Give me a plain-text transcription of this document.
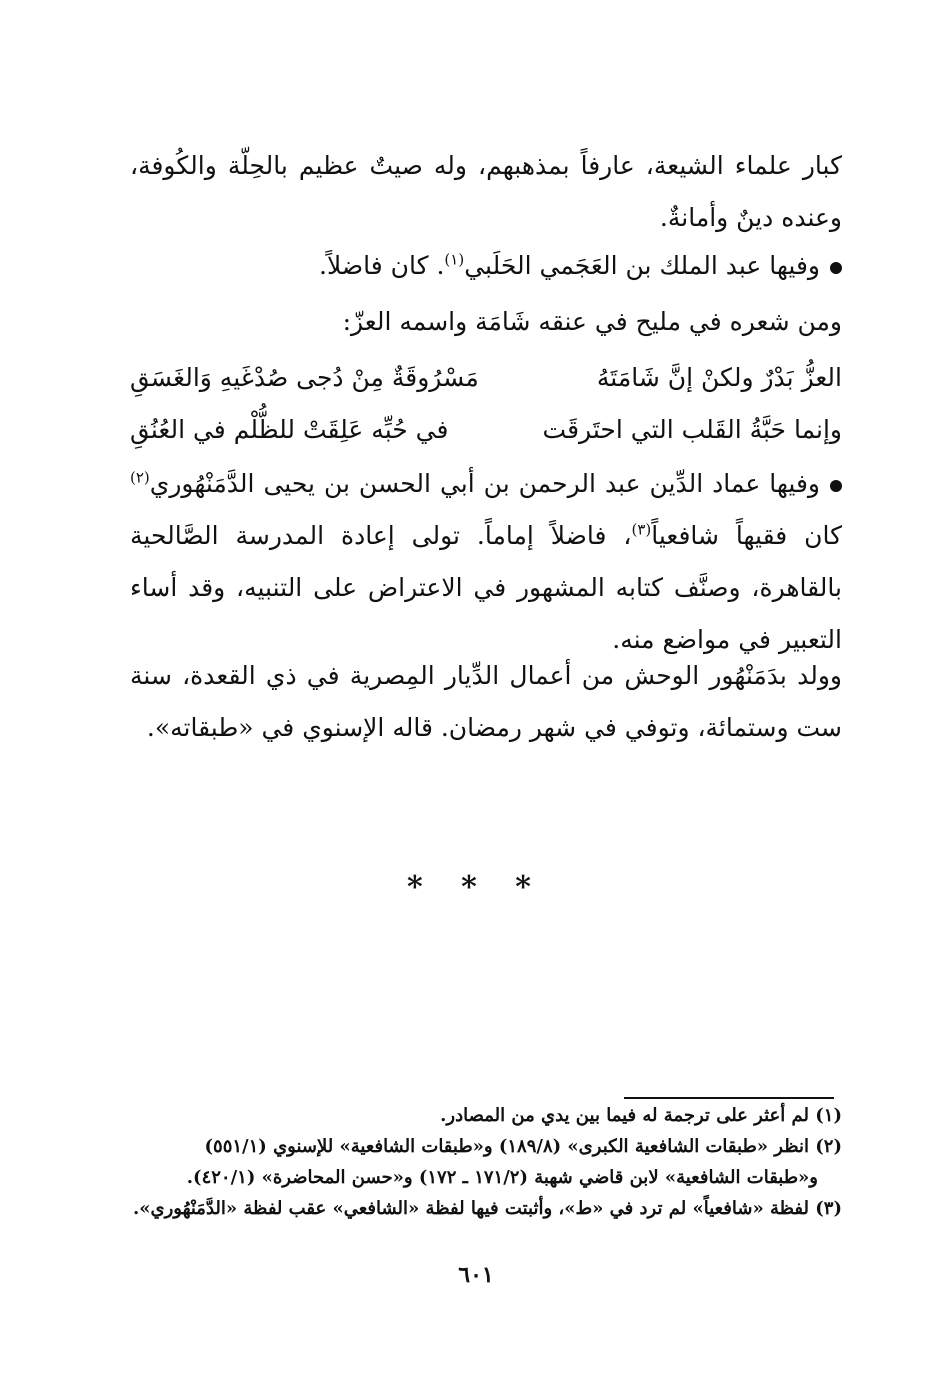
كبار علماء الشيعة، عارفاً بمذهبهم، وله صيتٌ عظيم بالحِلّة والكُوفة، وعنده دينٌ وأمانةٌ.
وفيها عبد الملك بن العَجَمي الحَلَبي$^{(١)}$. كان فاضلاً.
ومن شعره في مليح في عنقه شَامَة واسمه العزّ:
العزُّ بَدْرٌ ولكنْ إنَّ شَامَتَهُ
مَسْرُوقَةٌ مِنْ دُجى صُدْغَيهِ وَالغَسَقِ
وإنما حَبَّةُ القَلب التي احتَرقَت
في حُبِّه عَلِقَتْ للظُّلْم في العُنُقِ
وفيها عماد الدِّين عبد الرحمن بن أبي الحسن بن يحيى الدَّمَنْهُوري$^{(٢)}$ كان فقيهاً شافعياً$^{(٣)}$، فاضلاً إماماً. تولى إعادة المدرسة الصَّالحية بالقاهرة، وصنَّف كتابه المشهور في الاعتراض على التنبيه، وقد أساء التعبير في مواضع منه.
وولد بدَمَنْهُور الوحش من أعمال الدِّيار المِصرية في ذي القعدة، سنة ست وستمائة، وتوفي في شهر رمضان. قاله الإسنوي في «طبقاته».
* * *
(١) لم أعثر على ترجمة له فيما بين يدي من المصادر.
(٢) انظر «طبقات الشافعية الكبرى» (١٨٩/٨) و«طبقات الشافعية» للإسنوي (٥٥١/١)
و«طبقات الشافعية» لابن قاضي شهبة (١٧١/٢ ـ ١٧٢) و«حسن المحاضرة» (٤٢٠/١).
(٣) لفظة «شافعياً» لم ترد في «ط»، وأثبتت فيها لفظة «الشافعي» عقب لفظة «الدَّمَنْهُوري».
٦٠١
